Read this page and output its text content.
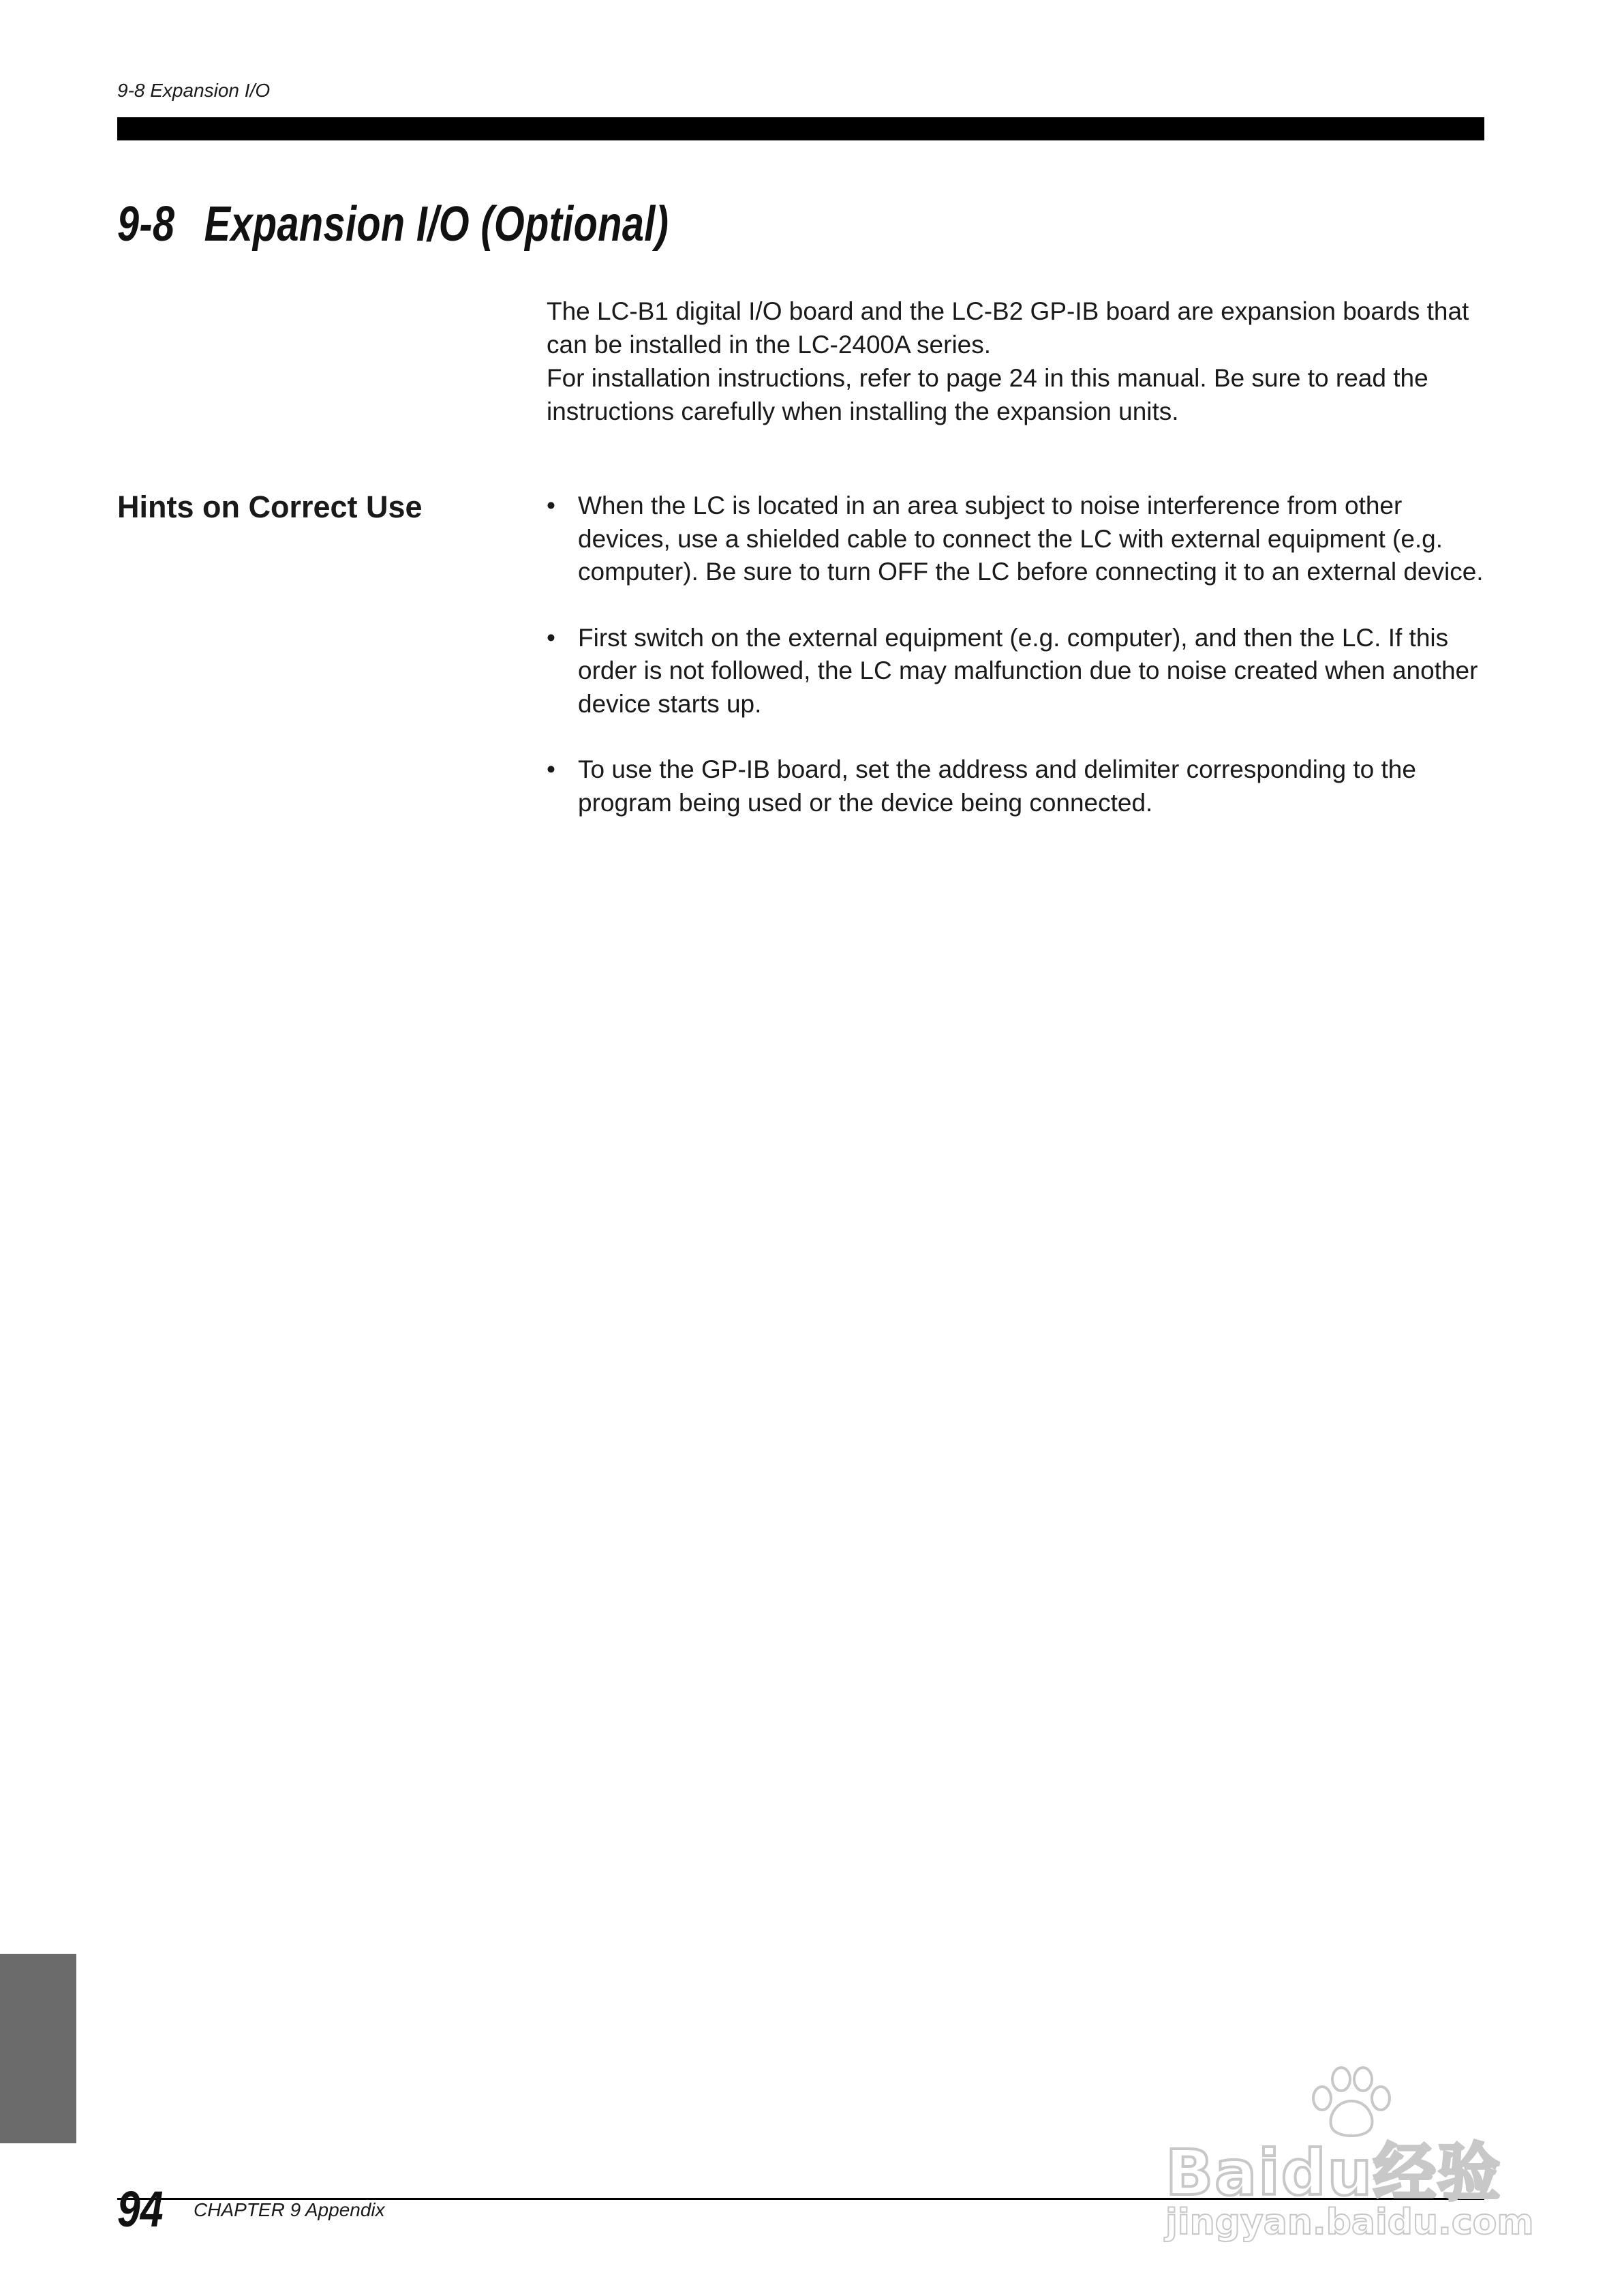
9-8 Expansion I/O
9-8 Expansion I/O (Optional)

The LC-B1 digital I/O board and the LC-B2 GP-IB board are expansion boards that can be installed in the LC-2400A series.

For installation instructions, refer to page 24 in this manual. Be sure to read the instructions carefully when installing the expansion units.

Hints on Correct Use	• When the LC is located in an area subject to noise interference from other devices, use a shielded cable to connect the LC with external equipment (e.g. computer). Be sure to turn OFF the LC before connecting it to an external device.
• First switch on the external equipment (e.g. computer), and then the LC. If this order is not followed, the LC may malfunction due to noise created when another device starts up.
• To use the GP-IB board, set the address and delimiter corresponding to the program being used or the device being connected.
94 CHAPTER 9 Appendix
Baidu经验
jingyan.baidu.com
